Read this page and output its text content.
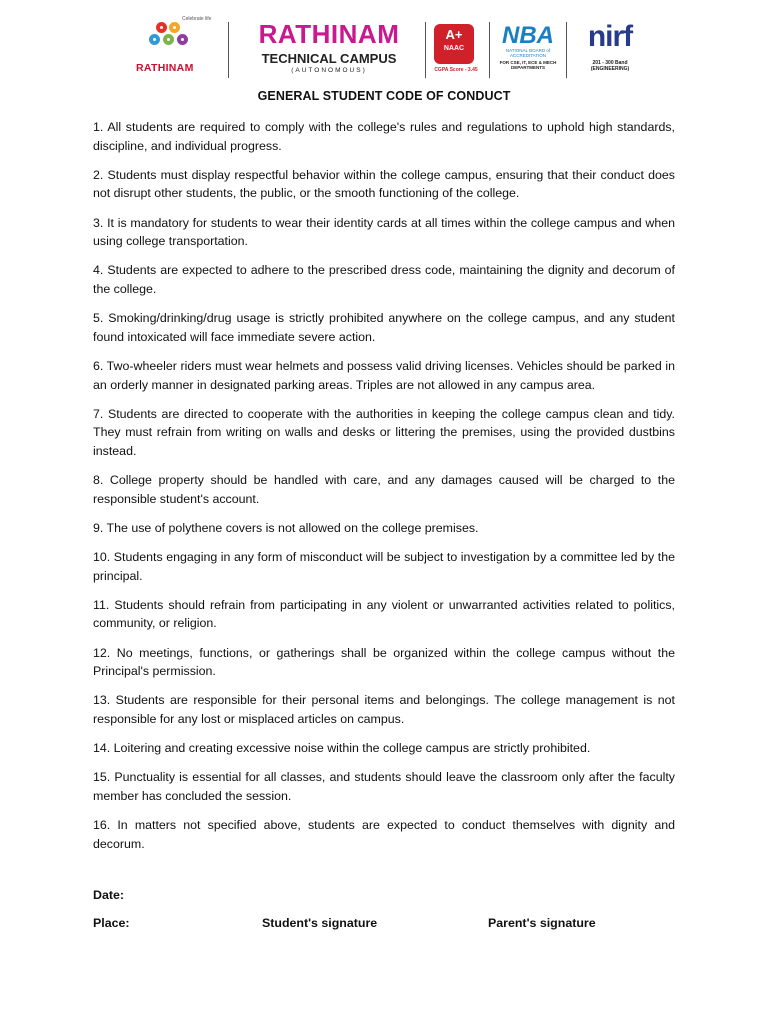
Celebrate life
RATHINAM
RATHINAM
TECHNICAL CAMPUS
(AUTONOMOUS)
A+
NAAC
CGPA Score - 3.45
NBA
NATIONAL BOARD of ACCREDITATION
FOR CSE, IT, ECE & MECH DEPARTMENTS
nirf
201 - 300 Band
(ENGINEERING)
GENERAL STUDENT CODE OF CONDUCT

1. All students are required to comply with the college's rules and regulations to uphold high standards, discipline, and individual progress.

2. Students must display respectful behavior within the college campus, ensuring that their conduct does not disrupt other students, the public, or the smooth functioning of the college.

3. It is mandatory for students to wear their identity cards at all times within the college campus and when using college transportation.

4. Students are expected to adhere to the prescribed dress code, maintaining the dignity and decorum of the college.

5. Smoking/drinking/drug usage is strictly prohibited anywhere on the college campus, and any student found intoxicated will face immediate severe action.

6. Two-wheeler riders must wear helmets and possess valid driving licenses. Vehicles should be parked in an orderly manner in designated parking areas. Triples are not allowed in any campus area.

7. Students are directed to cooperate with the authorities in keeping the college campus clean and tidy. They must refrain from writing on walls and desks or littering the premises, using the provided dustbins instead.

8. College property should be handled with care, and any damages caused will be charged to the responsible student's account.

9. The use of polythene covers is not allowed on the college premises.

10. Students engaging in any form of misconduct will be subject to investigation by a committee led by the principal.

11. Students should refrain from participating in any violent or unwarranted activities related to politics, community, or religion.

12. No meetings, functions, or gatherings shall be organized within the college campus without the Principal's permission.

13. Students are responsible for their personal items and belongings. The college management is not responsible for any lost or misplaced articles on campus.

14. Loitering and creating excessive noise within the college campus are strictly prohibited.

15. Punctuality is essential for all classes, and students should leave the classroom only after the faculty member has concluded the session.

16. In matters not specified above, students are expected to conduct themselves with dignity and decorum.

Date:
Place:	Student's signature	Parent's signature
